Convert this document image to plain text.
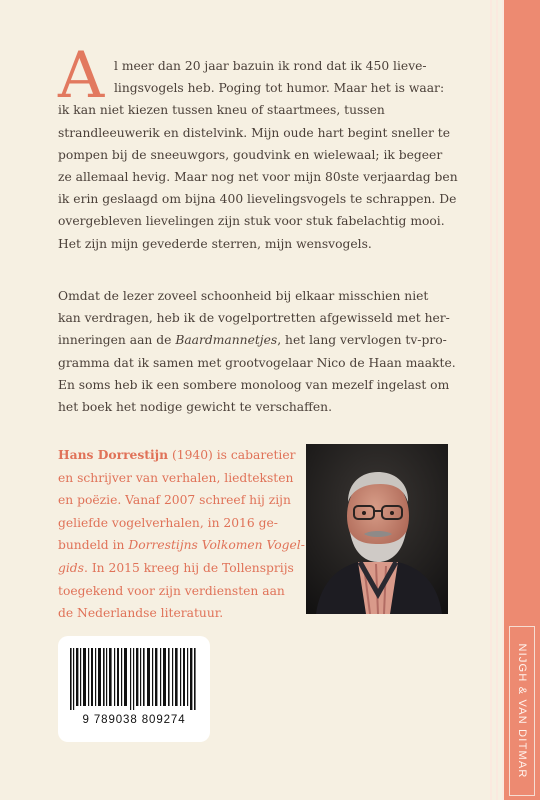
NIJGH & VAN DITMAR
A l meer dan 20 jaar bazuin ik rond dat ik 450 lieve-
lingsvogels heb. Poging tot humor. Maar het is waar:
ik kan niet kiezen tussen kneu of staartmees, tussen
strandleeuwerik en distelvink. Mijn oude hart begint sneller te
pompen bij de sneeuwgors, goudvink en wielewaal; ik begeer
ze allemaal hevig. Maar nog net voor mijn 80ste verjaardag ben
ik erin geslaagd om bijna 400 lievelingsvogels te schrappen. De
overgebleven lievelingen zijn stuk voor stuk fabelachtig mooi.
Het zijn mijn gevederde sterren, mijn wensvogels.
Omdat de lezer zoveel schoonheid bij elkaar misschien niet
kan verdragen, heb ik de vogelportretten afgewisseld met her-
inneringen aan de Baardmannetjes, het lang vervlogen tv-pro-
gramma dat ik samen met grootvogelaar Nico de Haan maakte.
En soms heb ik een sombere monoloog van mezelf ingelast om
het boek het nodige gewicht te verschaffen.
Hans Dorrestijn (1940) is cabaretier
en schrijver van verhalen, liedteksten
en poëzie. Vanaf 2007 schreef hij zijn
geliefde vogelverhalen, in 2016 ge-
bundeld in Dorrestijns Volkomen Vogel-
gids. In 2015 kreeg hij de Tollensprijs
toegekend voor zijn verdiensten aan
de Nederlandse literatuur.
9 789038 809274
